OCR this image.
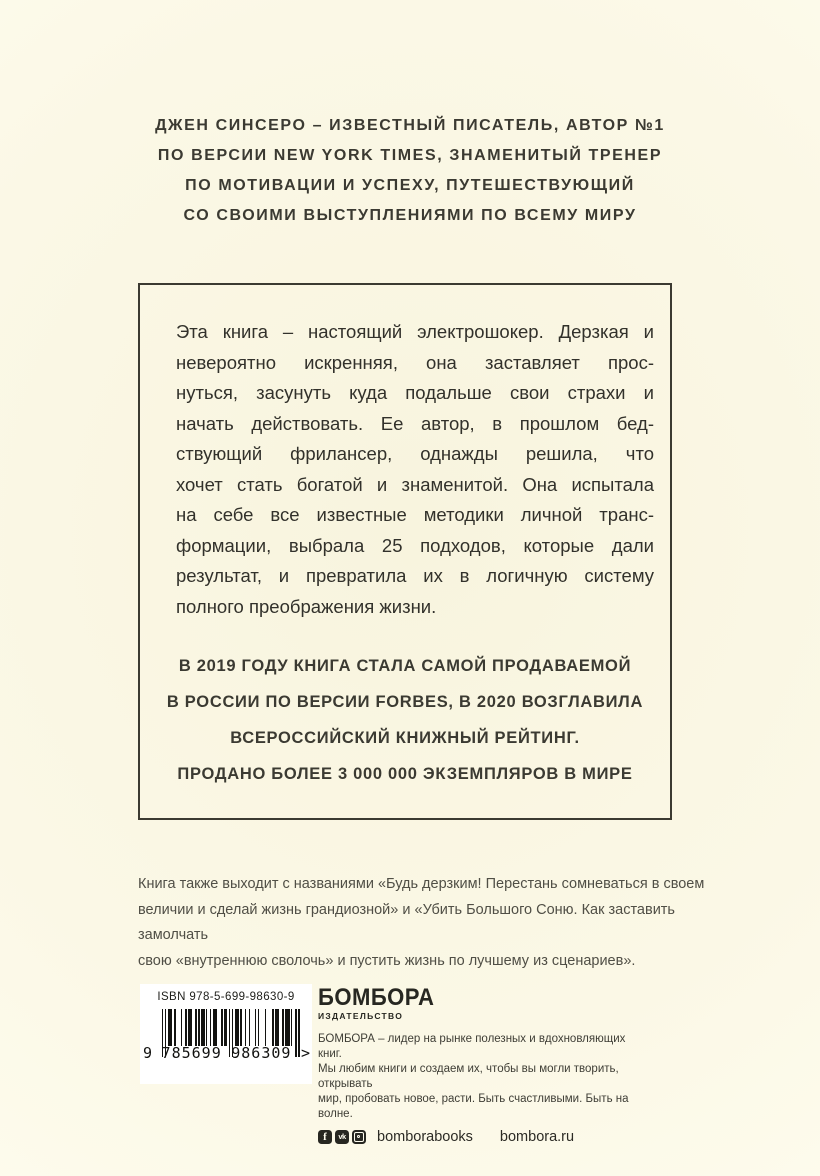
ДЖЕН СИНСЕРО – ИЗВЕСТНЫЙ ПИСАТЕЛЬ, АВТОР №1
ПО ВЕРСИИ NEW YORK TIMES, ЗНАМЕНИТЫЙ ТРЕНЕР
ПО МОТИВАЦИИ И УСПЕХУ, ПУТЕШЕСТВУЮЩИЙ
СО СВОИМИ ВЫСТУПЛЕНИЯМИ ПО ВСЕМУ МИРУ
Эта книга – настоящий электрошокер. Дерзкая и
невероятно искренняя, она заставляет прос-
нуться, засунуть куда подальше свои страхи и
начать действовать. Ее автор, в прошлом бед-
ствующий фрилансер, однажды решила, что
хочет стать богатой и знаменитой. Она испытала
на себе все известные методики личной транс-
формации, выбрала 25 подходов, которые дали
результат, и превратила их в логичную систему
полного преображения жизни.
В 2019 ГОДУ КНИГА СТАЛА САМОЙ ПРОДАВАЕМОЙ
В РОССИИ ПО ВЕРСИИ FORBES, В 2020 ВОЗГЛАВИЛА
ВСЕРОССИЙСКИЙ КНИЖНЫЙ РЕЙТИНГ.
ПРОДАНО БОЛЕЕ 3 000 000 ЭКЗЕМПЛЯРОВ В МИРЕ
Книга также выходит с названиями «Будь дерзким! Перестань сомневаться в своем
величии и сделай жизнь грандиозной» и «Убить Большого Соню. Как заставить замолчать
свою «внутреннюю сволочь» и пустить жизнь по лучшему из сценариев».
ISBN 978-5-699-98630-9
9 785699 986309 >
БОМБОРА
ИЗДАТЕЛЬСТВО
БОМБОРА – лидер на рынке полезных и вдохновляющих книг.
Мы любим книги и создаем их, чтобы вы могли творить, открывать
мир, пробовать новое, расти. Быть счастливыми. Быть на волне.
f vk bomborabooks bombora.ru
